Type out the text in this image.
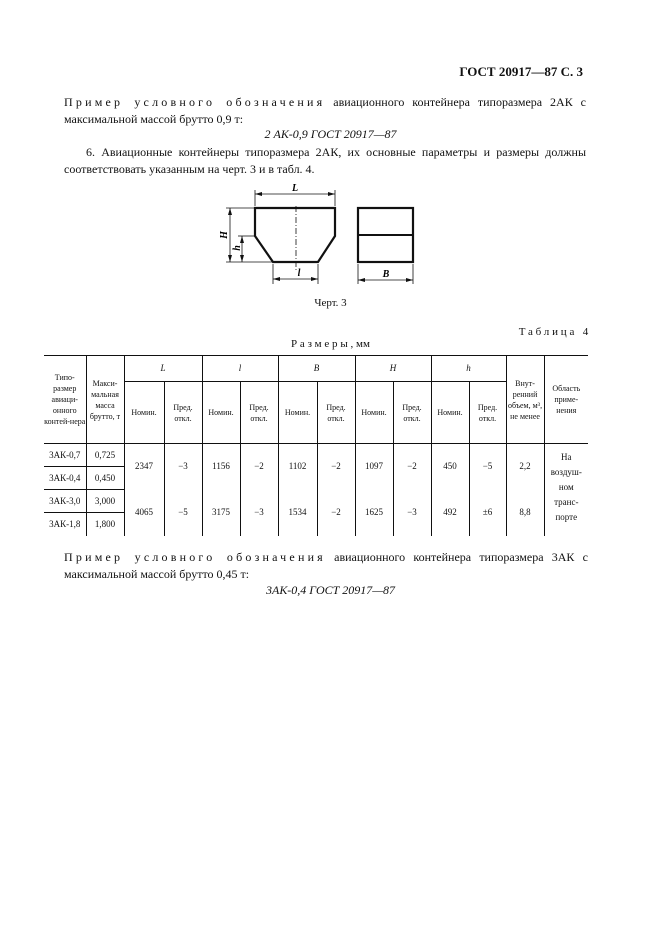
ГОСТ 20917—87 С. 3
Пример условного обозначения авиационного контейнера типоразмера 2АК с максимальной массой брутто 0,9 т:
2 АК-0,9 ГОСТ 20917—87
6. Авиационные контейнеры типоразмера 2АК, их основные параметры и размеры должны соответствовать указанным на черт. 3 и в табл. 4.
L
l
H
h
B
Черт. 3
Таблица 4
Размеры, мм
Типо-размер авиаци-онного контей-нера	Макси-мальная масса брутто, т	L		l		B		H		h		Внут-ренний объем, м³, не менее	Область приме-нения
		Номин.	Пред. откл.	Номин.	Пред. откл.	Номин.	Пред. откл.	Номин.	Пред. откл.	Номин.	Пред. откл.		
3АК-0,7	0,725	2347	−3	1156	−2	1102	−2	1097	−2	450	−5	2,2	На
воздуш-
ном
транс-
порте

3АК-0,4	0,450												
3АК-3,0	3,000	4065	−5	3175	−3	1534	−2	1625	−3	492	±6	8,8	
3АК-1,8	1,800												
Пример условного обозначения авиационного контейнера типоразмера 3АК с максимальной массой брутто 0,45 т:
3АК-0,4 ГОСТ 20917—87
